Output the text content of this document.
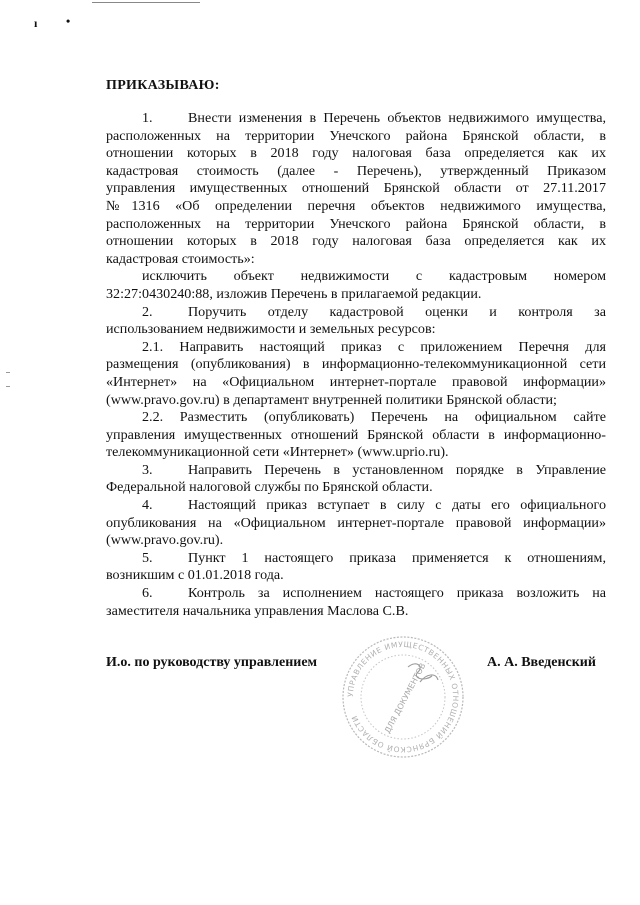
ı •
ПРИКАЗЫВАЮ:
1.	Внести изменения в Перечень объектов недвижимого имущества,
расположенных на территории Унечского района Брянской области, в
отношении которых в 2018 году налоговая база определяется как их
кадастровая стоимость (далее - Перечень), утвержденный Приказом
управления имущественных отношений Брянской области от 27.11.2017
№1316 «Об определении перечня объектов недвижимого имущества,
расположенных на территории Унечского района Брянской области, в
отношении которых в 2018 году налоговая база определяется как их
кадастровая стоимость»:
исключить объект недвижимости с кадастровым номером
32:27:0430240:88, изложив Перечень в прилагаемой редакции.
2.	Поручить отделу кадастровой оценки и контроля за
использованием недвижимости и земельных ресурсов:
2.1. Направить настоящий приказ с приложением Перечня для
размещения (опубликования) в информационно-телекоммуникационной сети
«Интернет» на «Официальном интернет-портале правовой информации»
(www.pravo.gov.ru) в департамент внутренней политики Брянской области;
2.2. Разместить (опубликовать) Перечень на официальном сайте
управления имущественных отношений Брянской области в информационно-
телекоммуникационной сети «Интернет» (www.uprio.ru).
3.	Направить Перечень в установленном порядке в Управление
Федеральной налоговой службы по Брянской области.
4.	Настоящий приказ вступает в силу с даты его официального
опубликования на «Официальном интернет-портале правовой информации»
(www.pravo.gov.ru).
5.	Пункт 1 настоящего приказа применяется к отношениям,
возникшим с 01.01.2018 года.
6.	Контроль за исполнением настоящего приказа возложить на
заместителя начальника управления Маслова С.В.
И.о. по руководству управлением	А. А. Введенский
УПРАВЛЕНИЕ ИМУЩЕСТВЕННЫХ ОТНОШЕНИЙ БРЯНСКОЙ ОБЛАСТИ	ДЛЯ ДОКУМЕНТОВ
